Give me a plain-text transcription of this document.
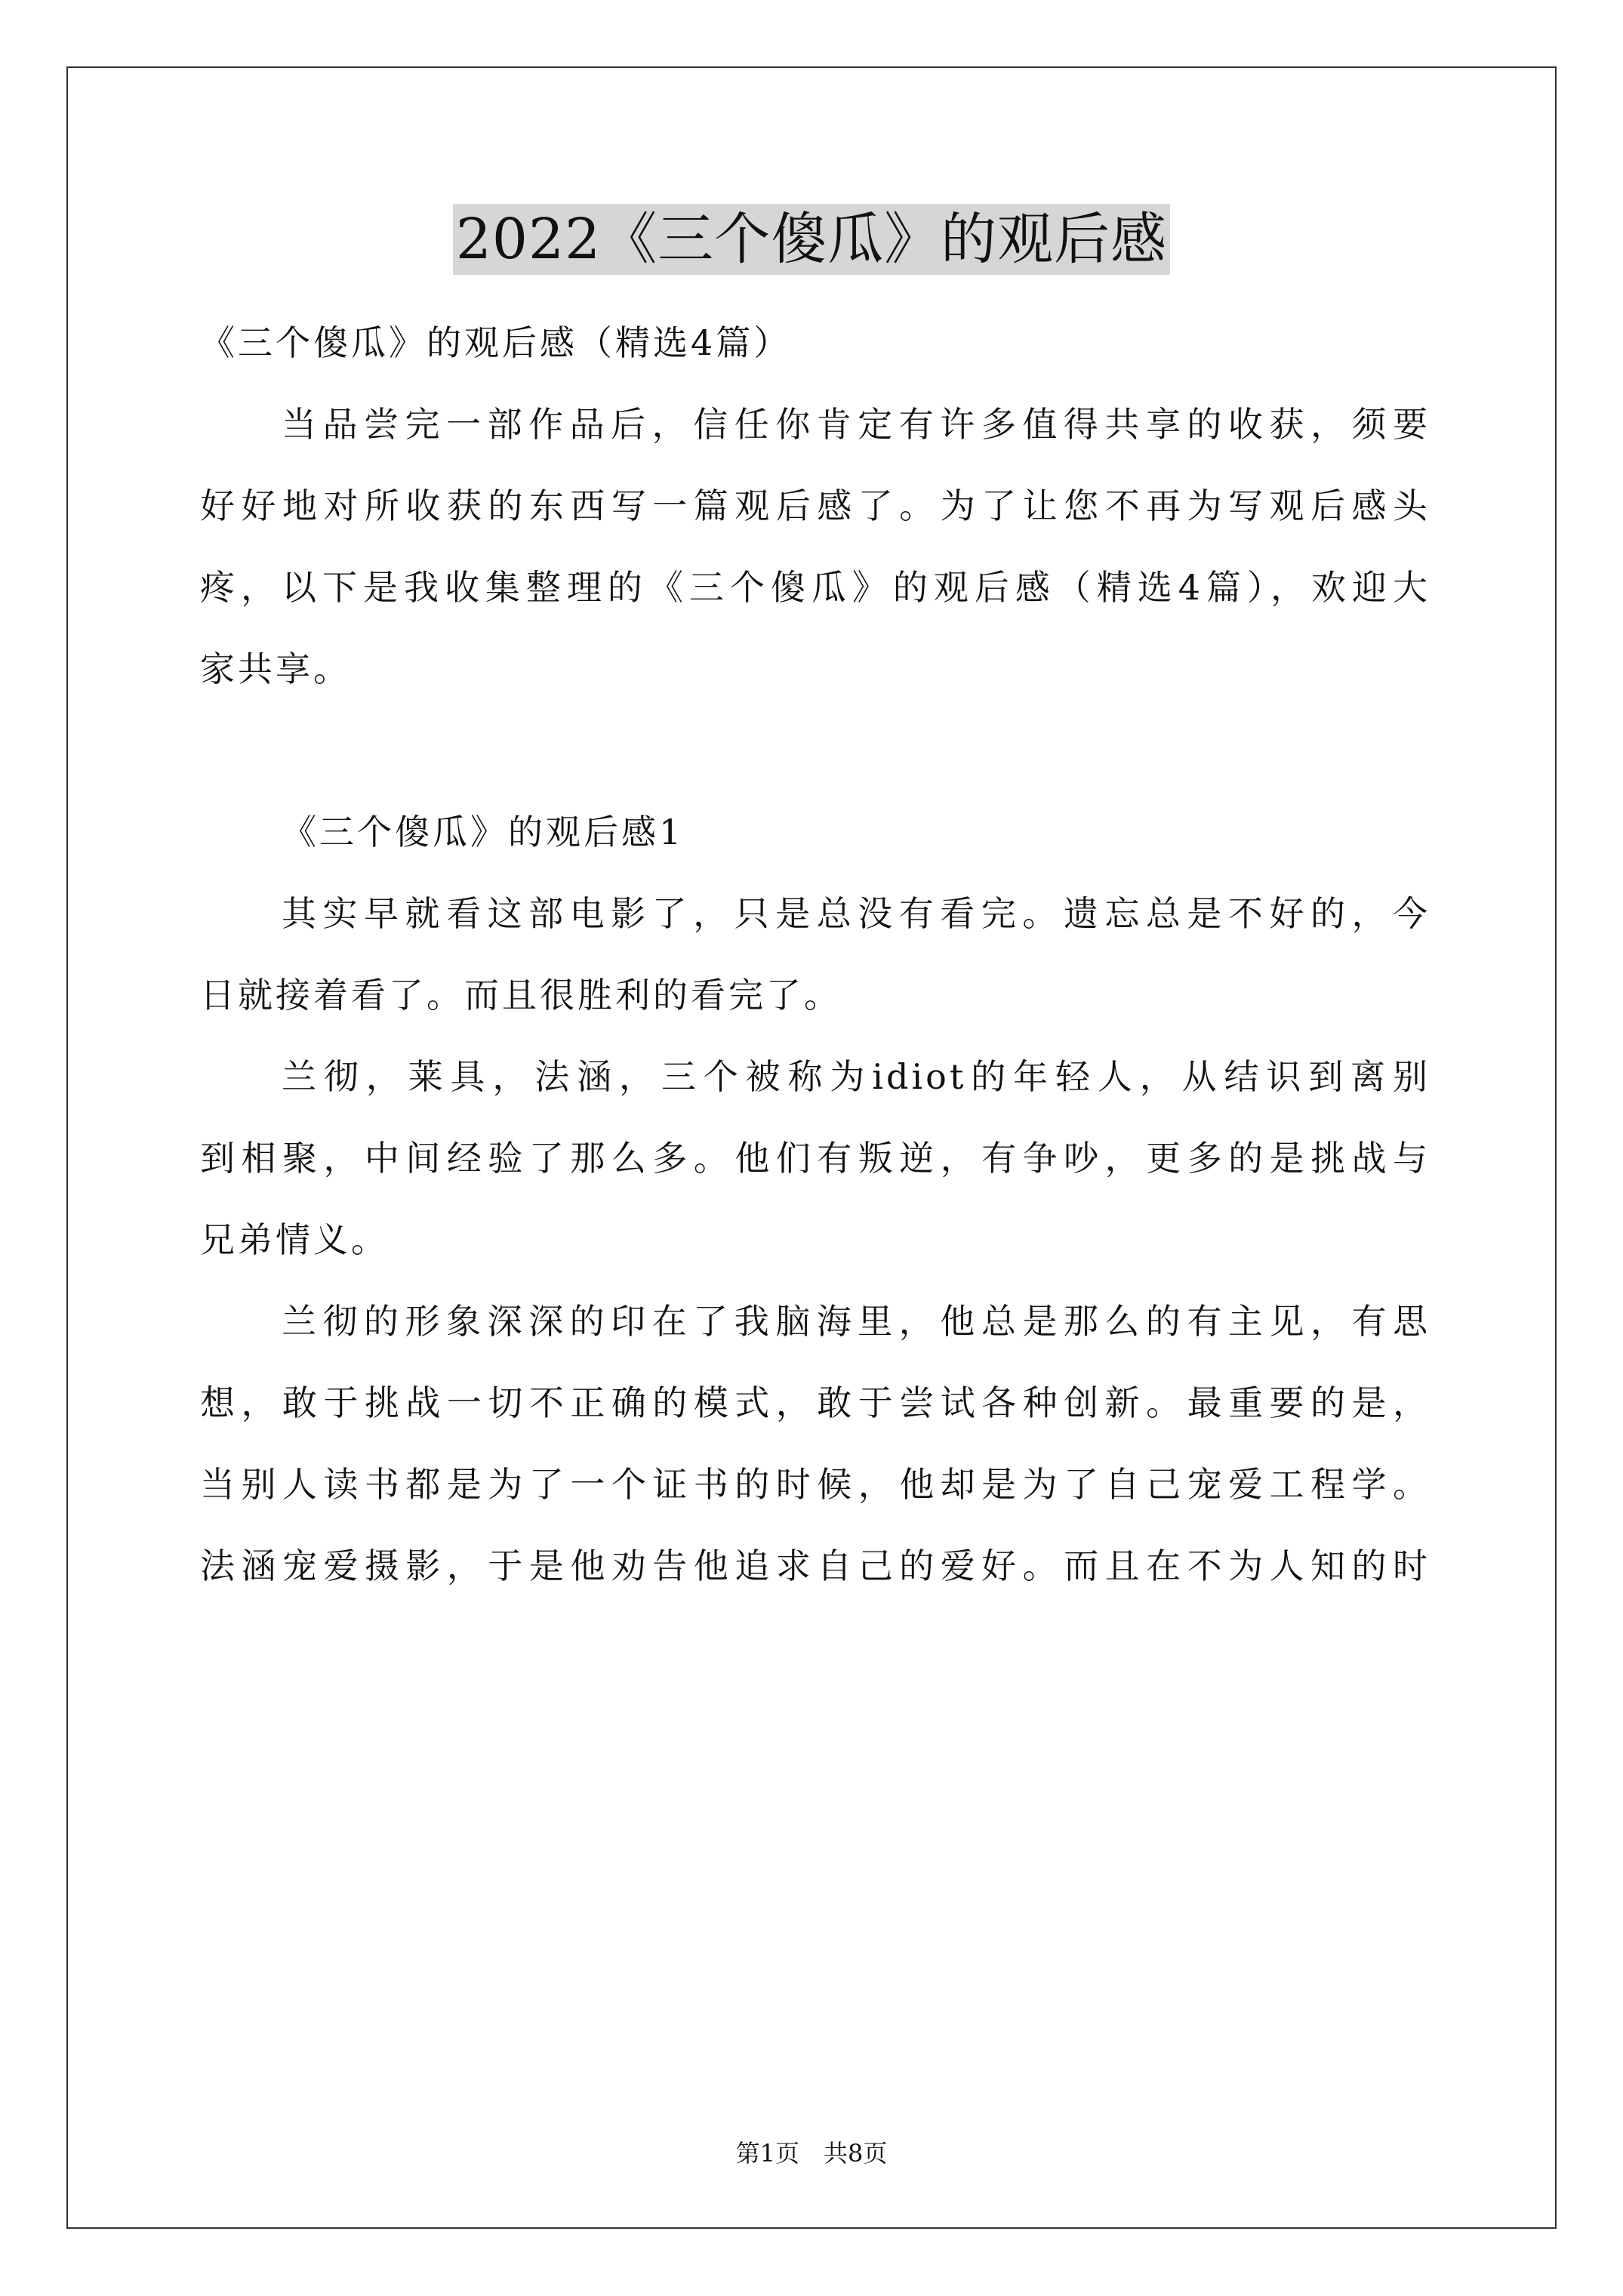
2022《三个傻瓜》的观后感
《三个傻瓜》的观后感（精选4篇）
当品尝完一部作品后，信任你肯定有许多值得共享的收获，须要
好好地对所收获的东西写一篇观后感了。为了让您不再为写观后感头
疼，以下是我收集整理的《三个傻瓜》的观后感（精选4篇），欢迎大
家共享。
《三个傻瓜》的观后感1
其实早就看这部电影了，只是总没有看完。遗忘总是不好的，今
日就接着看了。而且很胜利的看完了。
兰彻，莱具，法涵，三个被称为idiot的年轻人，从结识到离别
到相聚，中间经验了那么多。他们有叛逆，有争吵，更多的是挑战与
兄弟情义。
兰彻的形象深深的印在了我脑海里，他总是那么的有主见，有思
想，敢于挑战一切不正确的模式，敢于尝试各种创新。最重要的是，
当别人读书都是为了一个证书的时候，他却是为了自己宠爱工程学。
法涵宠爱摄影，于是他劝告他追求自己的爱好。而且在不为人知的时
第1页　共8页
